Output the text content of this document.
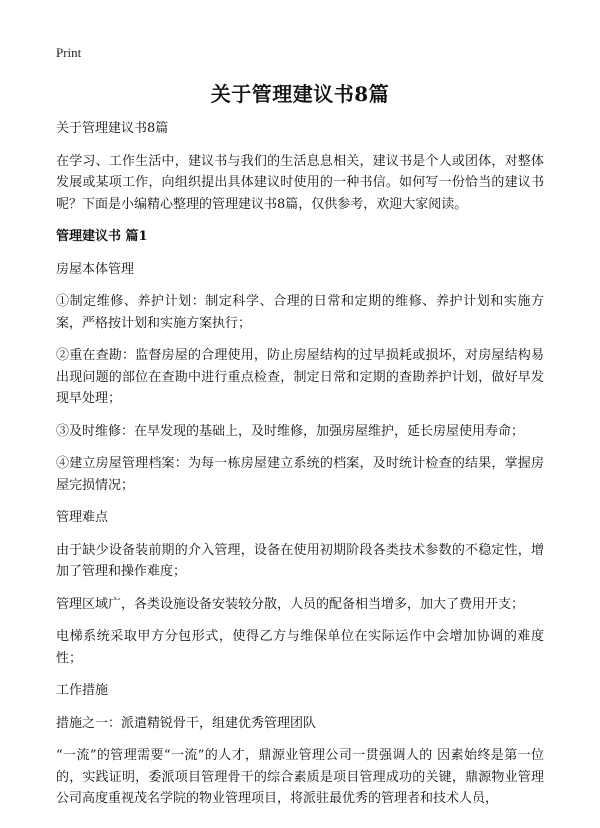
Print
关于管理建议书8篇

关于管理建议书8篇

在学习、工作生活中，建议书与我们的生活息息相关，建议书是个人或团体，对整体发展或某项工作，向组织提出具体建议时使用的一种书信。如何写一份恰当的建议书呢？下面是小编精心整理的管理建议书8篇，仅供参考，欢迎大家阅读。

管理建议书 篇1

房屋本体管理

①制定维修、养护计划：制定科学、合理的日常和定期的维修、养护计划和实施方案，严格按计划和实施方案执行；

②重在查勘：监督房屋的合理使用，防止房屋结构的过早损耗或损坏，对房屋结构易出现问题的部位在查勘中进行重点检查，制定日常和定期的查勘养护计划，做好早发现早处理；

③及时维修：在早发现的基础上，及时维修，加强房屋维护，延长房屋使用寿命；

④建立房屋管理档案：为每一栋房屋建立系统的档案，及时统计检查的结果，掌握房屋完损情况；

管理难点

由于缺少设备装前期的介入管理，设备在使用初期阶段各类技术参数的不稳定性，增加了管理和操作难度；

管理区域广，各类设施设备安装较分散，人员的配备相当增多，加大了费用开支；

电梯系统采取甲方分包形式，使得乙方与维保单位在实际运作中会增加协调的难度性；

工作措施

措施之一：派遣精锐骨干，组建优秀管理团队

“一流”的管理需要“一流”的人才，鼎源业管理公司一贯强调人的 因素始终是第一位的，实践证明，委派项目管理骨干的综合素质是项目管理成功的关键，鼎源物业管理公司高度重视茂名学院的物业管理项目，将派驻最优秀的管理者和技术人员，
